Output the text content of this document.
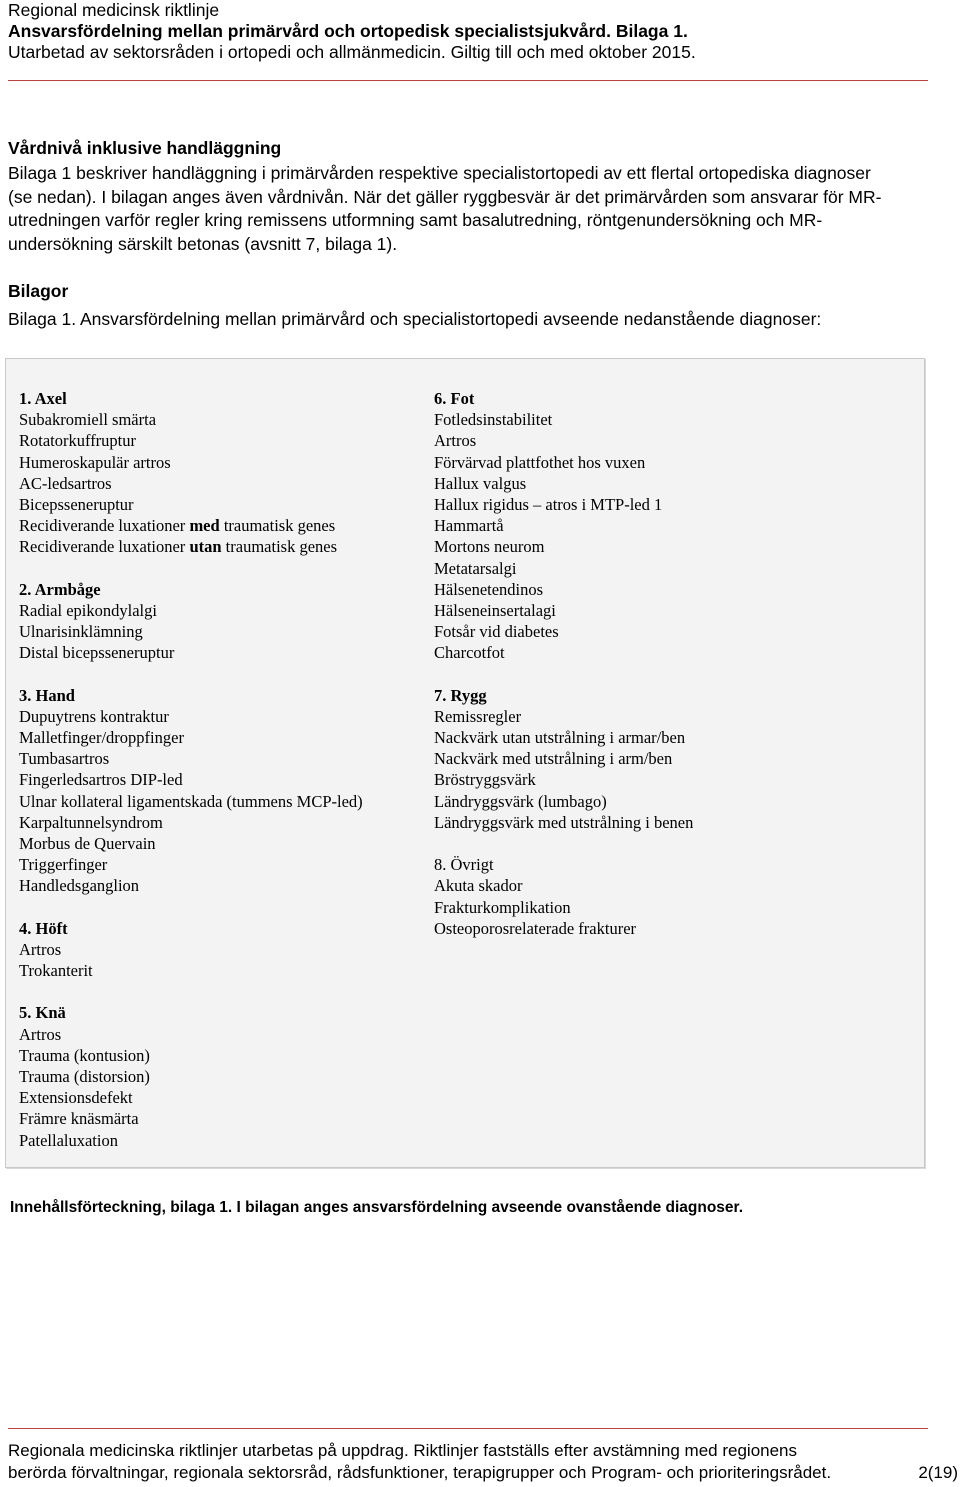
Regional medicinsk riktlinje
Ansvarsfördelning mellan primärvård och ortopedisk specialistsjukvård. Bilaga 1.
Utarbetad av sektorsråden i ortopedi och allmänmedicin. Giltig till och med oktober 2015.
Vårdnivå inklusive handläggning
Bilaga 1 beskriver handläggning i primärvården respektive specialistortopedi av ett flertal ortopediska diagnoser
(se nedan). I bilagan anges även vårdnivån. När det gäller ryggbesvär är det primärvården som ansvarar för MR-
utredningen varför regler kring remissens utformning samt basalutredning, röntgenundersökning och MR-
undersökning särskilt betonas (avsnitt 7, bilaga 1).
Bilagor
Bilaga 1. Ansvarsfördelning mellan primärvård och specialistortopedi avseende nedanstående diagnoser:
1. Axel
Subakromiell smärta
Rotatorkuffruptur
Humeroskapulär artros
AC-ledsartros
Bicepsseneruptur
Recidiverande luxationer med traumatisk genes
Recidiverande luxationer utan traumatisk genes
2. Armbåge
Radial epikondylalgi
Ulnarisinklämning
Distal bicepsseneruptur
3. Hand
Dupuytrens kontraktur
Malletfinger/droppfinger
Tumbasartros
Fingerledsartros DIP-led
Ulnar kollateral ligamentskada (tummens MCP-led)
Karpaltunnelsyndrom
Morbus de Quervain
Triggerfinger
Handledsganglion
4. Höft
Artros
Trokanterit
5. Knä
Artros
Trauma (kontusion)
Trauma (distorsion)
Extensionsdefekt
Främre knäsmärta
Patellaluxation
6. Fot
Fotledsinstabilitet
Artros
Förvärvad plattfothet hos vuxen
Hallux valgus
Hallux rigidus – atros i MTP-led 1
Hammartå
Mortons neurom
Metatarsalgi
Hälsenetendinos
Hälseneinsertalagi
Fotsår vid diabetes
Charcotfot
7. Rygg
Remissregler
Nackvärk utan utstrålning i armar/ben
Nackvärk med utstrålning i arm/ben
Bröstryggsvärk
Ländryggsvärk (lumbago)
Ländryggsvärk med utstrålning i benen
8. Övrigt
Akuta skador
Frakturkomplikation
Osteoporosrelaterade frakturer
Innehållsförteckning, bilaga 1. I bilagan anges ansvarsfördelning avseende ovanstående diagnoser.
Regionala medicinska riktlinjer utarbetas på uppdrag. Riktlinjer fastställs efter avstämning med regionens
berörda förvaltningar, regionala sektorsråd, rådsfunktioner, terapigrupper och Program- och prioriteringsrådet.	2(19)
